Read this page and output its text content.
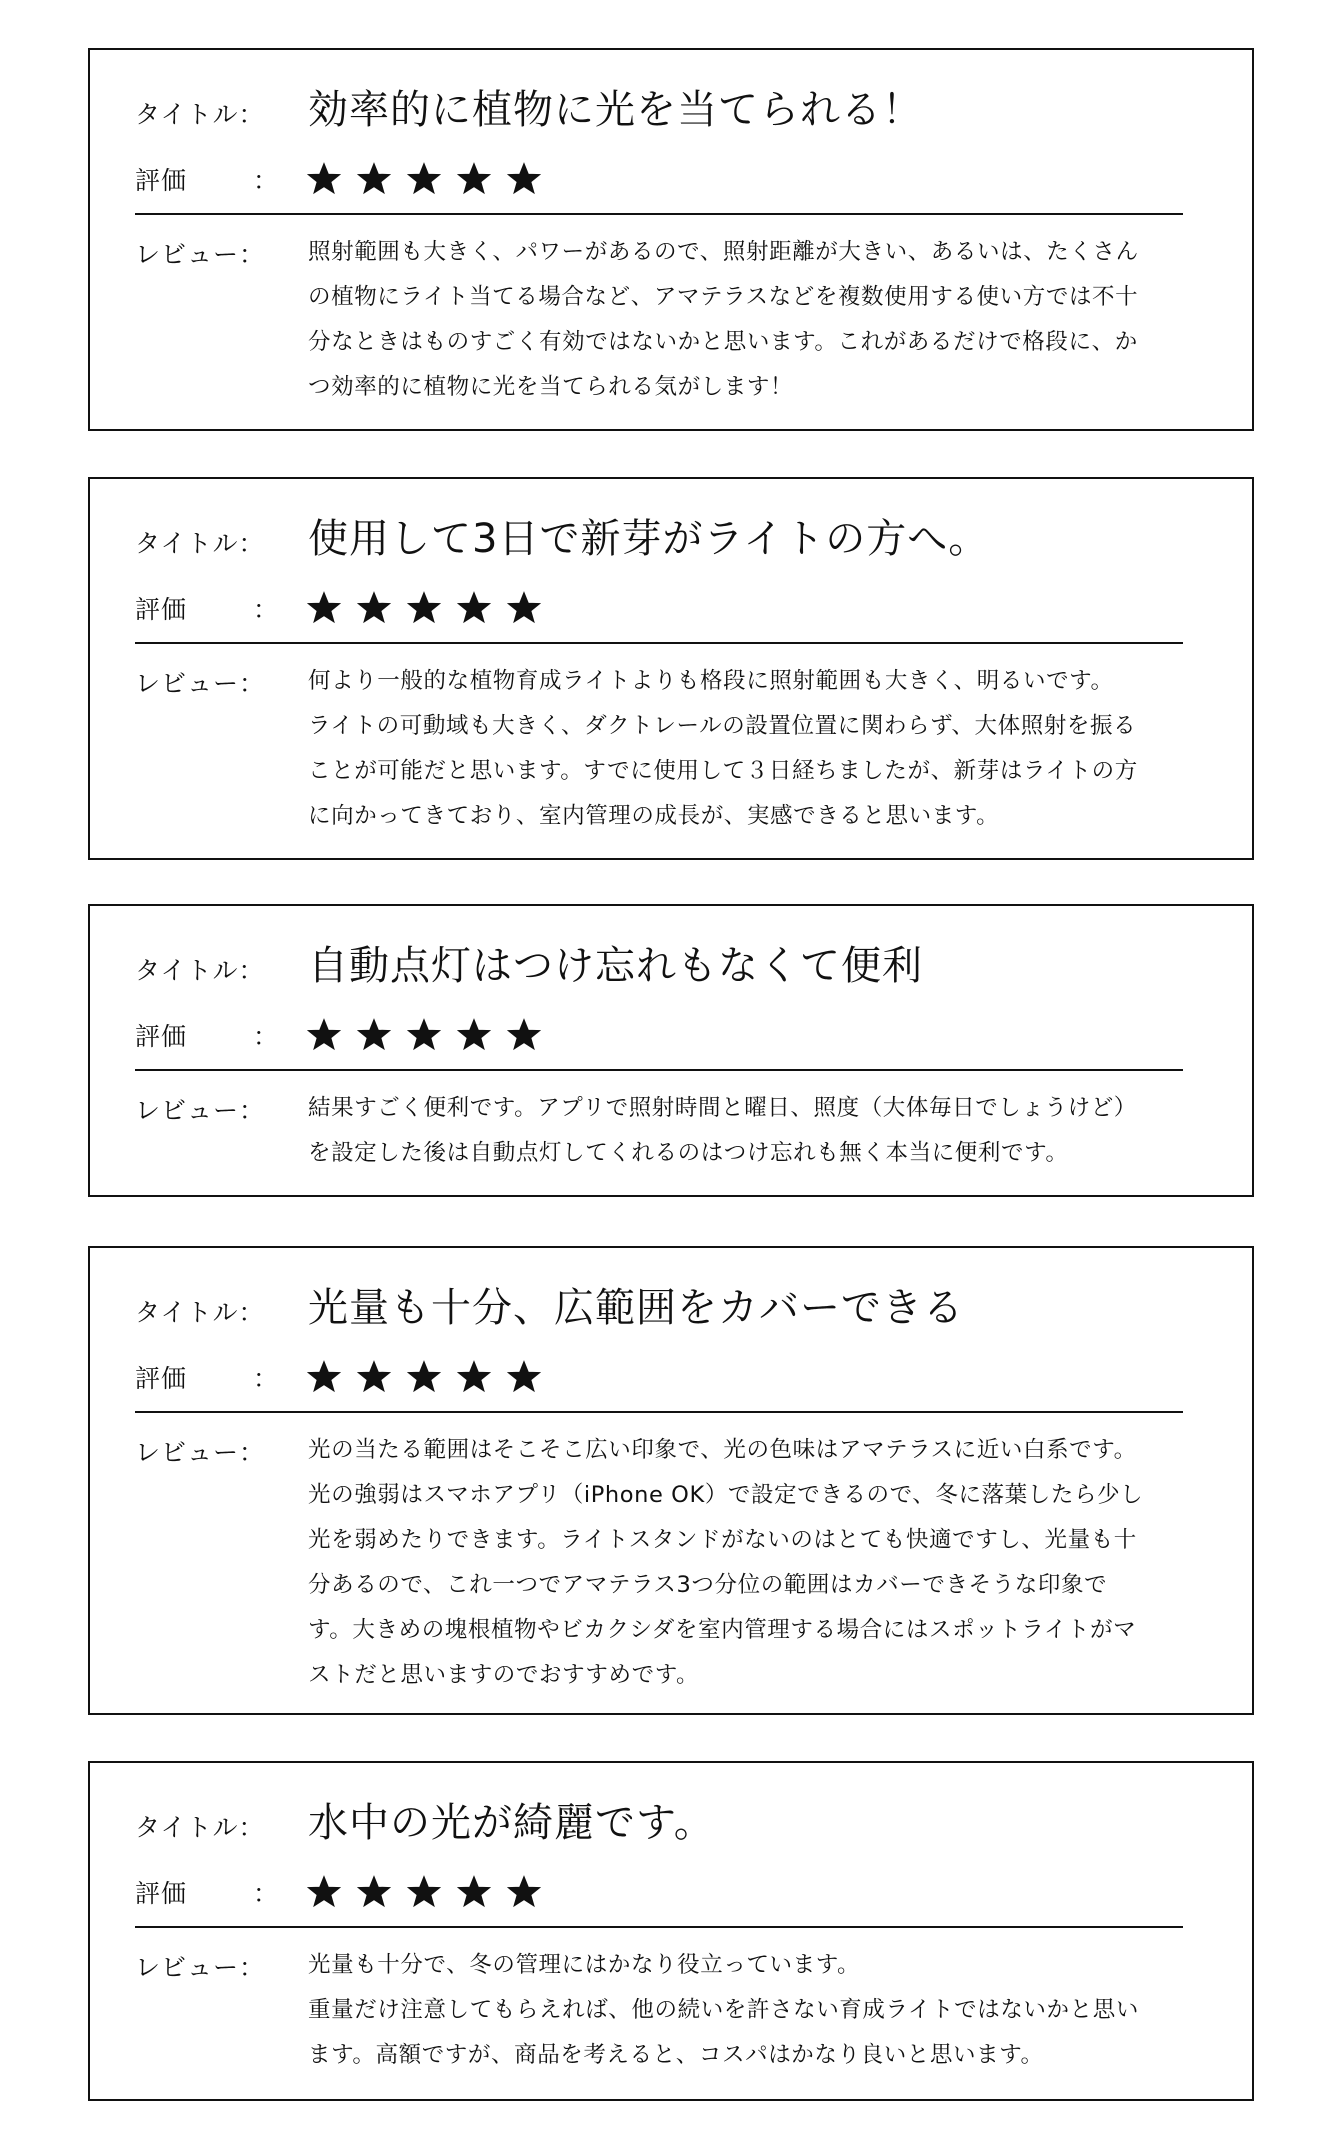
タイトル： 効率的に植物に光を当てられる！
評価	：
レビュー： 照射範囲も大きく、パワーがあるので、照射距離が大きい、あるいは、たくさん
の植物にライト当てる場合など、アマテラスなどを複数使用する使い方では不十
分なときはものすごく有効ではないかと思います。これがあるだけで格段に、か
つ効率的に植物に光を当てられる気がします！
タイトル： 使用して3日で新芽がライトの方へ。
評価	：
レビュー： 何より一般的な植物育成ライトよりも格段に照射範囲も大きく、明るいです。
ライトの可動域も大きく、ダクトレールの設置位置に関わらず、大体照射を振る
ことが可能だと思います。すでに使用して３日経ちましたが、新芽はライトの方
に向かってきており、室内管理の成長が、実感できると思います。
タイトル： 自動点灯はつけ忘れもなくて便利
評価	：
レビュー： 結果すごく便利です。アプリで照射時間と曜日、照度（大体毎日でしょうけど）
を設定した後は自動点灯してくれるのはつけ忘れも無く本当に便利です。
タイトル： 光量も十分、広範囲をカバーできる
評価	：
レビュー： 光の当たる範囲はそこそこ広い印象で、光の色味はアマテラスに近い白系です。
光の強弱はスマホアプリ（iPhone OK）で設定できるので、冬に落葉したら少し
光を弱めたりできます。ライトスタンドがないのはとても快適ですし、光量も十
分あるので、これ一つでアマテラス3つ分位の範囲はカバーできそうな印象で
す。大きめの塊根植物やビカクシダを室内管理する場合にはスポットライトがマ
ストだと思いますのでおすすめです。
タイトル： 水中の光が綺麗です。
評価	：
レビュー： 光量も十分で、冬の管理にはかなり役立っています。
重量だけ注意してもらえれば、他の続いを許さない育成ライトではないかと思い
ます。高額ですが、商品を考えると、コスパはかなり良いと思います。
